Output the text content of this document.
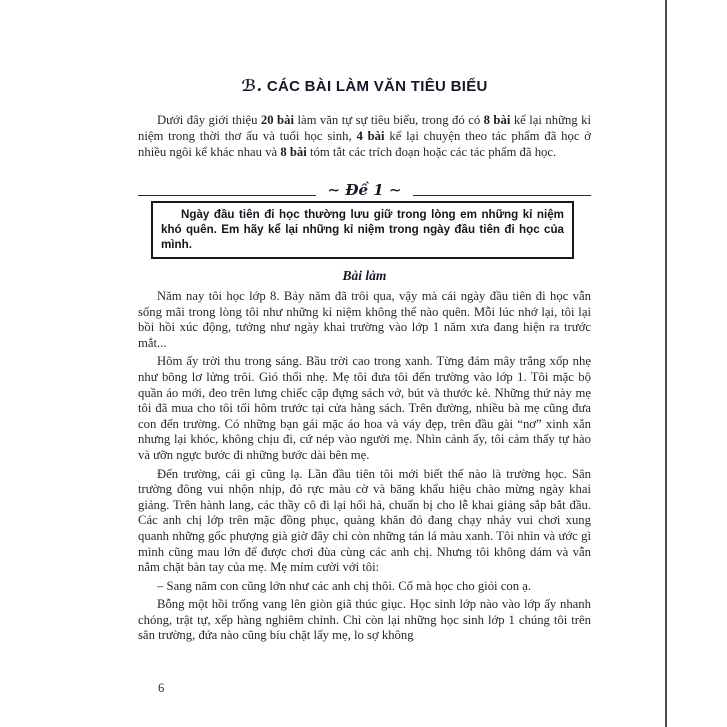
ℬ. CÁC BÀI LÀM VĂN TIÊU BIỂU

Dưới đây giới thiệu 20 bài làm văn tự sự tiêu biểu, trong đó có 8 bài kể lại những kỉ niệm trong thời thơ ấu và tuổi học sinh, 4 bài kể lại chuyện theo tác phẩm đã học ở nhiều ngôi kể khác nhau và 8 bài tóm tắt các trích đoạn hoặc các tác phẩm đã học.

∼ Đề 1 ∼

Ngày đầu tiên đi học thường lưu giữ trong lòng em những kỉ niệm khó quên. Em hãy kể lại những kỉ niệm trong ngày đầu tiên đi học của mình.

Bài làm

Năm nay tôi học lớp 8. Bảy năm đã trôi qua, vậy mà cái ngày đầu tiên đi học vẫn sống mãi trong lòng tôi như những kỉ niệm không thể nào quên. Mỗi lúc nhớ lại, tôi lại bồi hồi xúc động, tưởng như ngày khai trường vào lớp 1 năm xưa đang hiện ra trước mắt...

Hôm ấy trời thu trong sáng. Bầu trời cao trong xanh. Từng đám mây trắng xốp nhẹ như bông lơ lửng trôi. Gió thổi nhẹ. Mẹ tôi đưa tôi đến trường vào lớp 1. Tôi mặc bộ quần áo mới, đeo trên lưng chiếc cặp đựng sách vở, bút và thước kẻ. Những thứ này mẹ tôi đã mua cho tôi tối hôm trước tại cửa hàng sách. Trên đường, nhiều bà mẹ cũng đưa con đến trường. Có những bạn gái mặc áo hoa và váy đẹp, trên đầu gài “nơ” xinh xắn nhưng lại khóc, không chịu đi, cứ nép vào người mẹ. Nhìn cảnh ấy, tôi cảm thấy tự hào và ưỡn ngực bước đi những bước dài bên mẹ.

Đến trường, cái gì cũng lạ. Lần đầu tiên tôi mới biết thế nào là trường học. Sân trường đông vui nhộn nhịp, đỏ rực màu cờ và băng khẩu hiệu chào mừng ngày khai giảng. Trên hành lang, các thầy cô đi lại hối hả, chuẩn bị cho lễ khai giảng sắp bắt đầu. Các anh chị lớp trên mặc đồng phục, quàng khăn đỏ đang chạy nhảy vui chơi xung quanh những gốc phượng già giờ đây chỉ còn những tán lá màu xanh. Tôi nhìn và ước gì mình cũng mau lớn để được chơi đùa cùng các anh chị. Nhưng tôi không dám và vẫn nắm chặt bàn tay của mẹ. Mẹ mỉm cười với tôi:

– Sang năm con cũng lớn như các anh chị thôi. Cố mà học cho giỏi con ạ.

Bỗng một hồi trống vang lên giòn giã thúc giục. Học sinh lớp nào vào lớp ấy nhanh chóng, trật tự, xếp hàng nghiêm chỉnh. Chỉ còn lại những học sinh lớp 1 chúng tôi trên sân trường, đứa nào cũng bíu chặt lấy mẹ, lo sợ không

6
